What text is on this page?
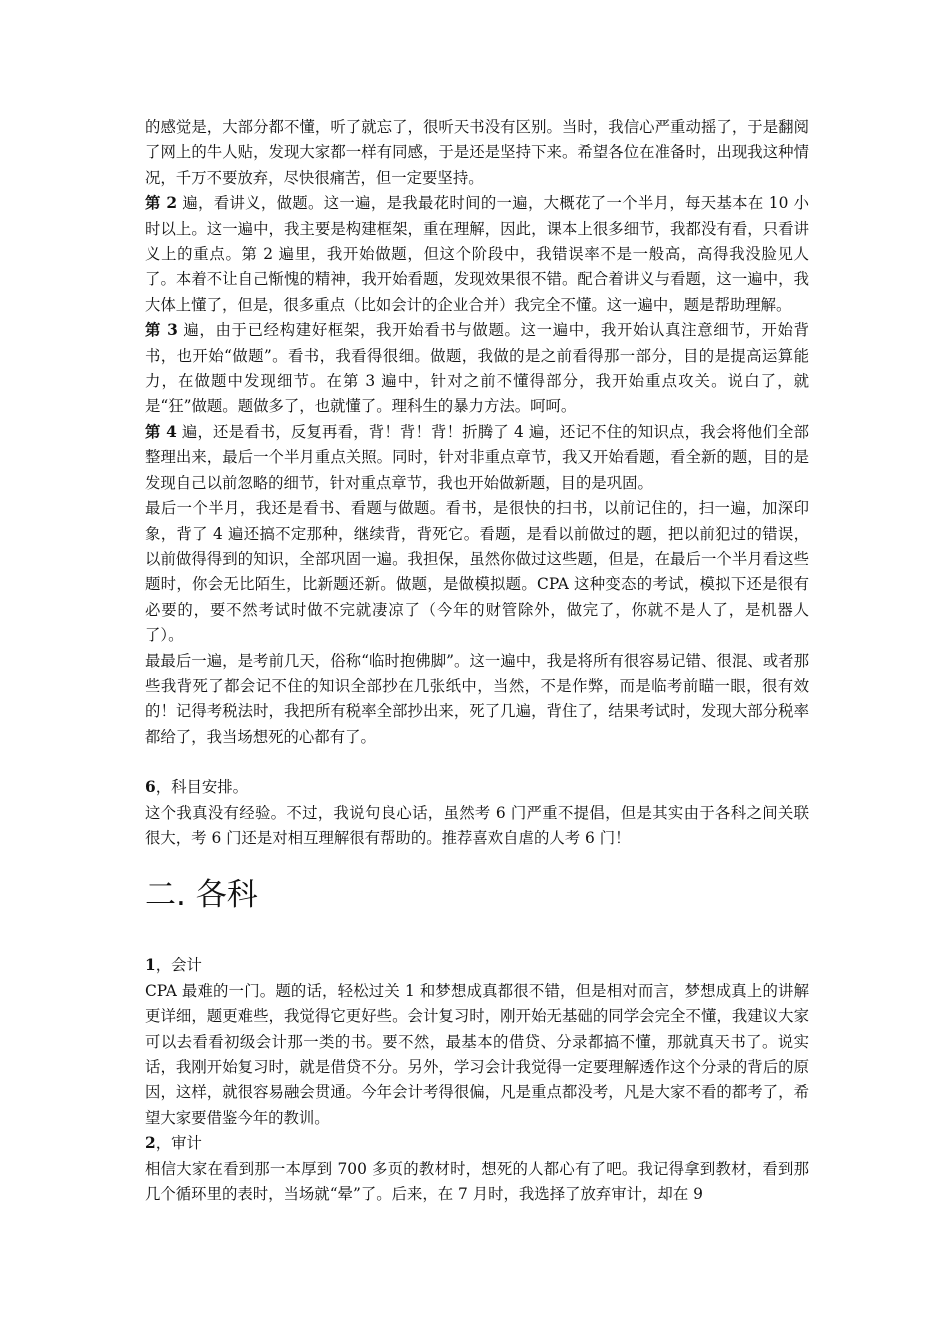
的感觉是，大部分都不懂，听了就忘了，很听天书没有区别。当时，我信心严重动摇了，于是翻阅了网上的牛人贴，发现大家都一样有同感，于是还是坚持下来。希望各位在准备时，出现我这种情况，千万不要放弃，尽快很痛苦，但一定要坚持。

第 2 遍，看讲义，做题。这一遍，是我最花时间的一遍，大概花了一个半月，每天基本在 10 小时以上。这一遍中，我主要是构建框架，重在理解，因此，课本上很多细节，我都没有看，只看讲义上的重点。第 2 遍里，我开始做题，但这个阶段中，我错误率不是一般高，高得我没脸见人了。本着不让自己惭愧的精神，我开始看题，发现效果很不错。配合着讲义与看题，这一遍中，我大体上懂了，但是，很多重点（比如会计的企业合并）我完全不懂。这一遍中，题是帮助理解。

第 3 遍，由于已经构建好框架，我开始看书与做题。这一遍中，我开始认真注意细节，开始背书，也开始“做题”。看书，我看得很细。做题，我做的是之前看得那一部分，目的是提高运算能力，在做题中发现细节。在第 3 遍中，针对之前不懂得部分，我开始重点攻关。说白了，就是“狂”做题。题做多了，也就懂了。理科生的暴力方法。呵呵。

第 4 遍，还是看书，反复再看，背！背！背！折腾了 4 遍，还记不住的知识点，我会将他们全部整理出来，最后一个半月重点关照。同时，针对非重点章节，我又开始看题，看全新的题，目的是发现自己以前忽略的细节，针对重点章节，我也开始做新题，目的是巩固。

最后一个半月，我还是看书、看题与做题。看书，是很快的扫书，以前记住的，扫一遍，加深印象，背了 4 遍还搞不定那种，继续背，背死它。看题，是看以前做过的题，把以前犯过的错误，以前做得得到的知识，全部巩固一遍。我担保，虽然你做过这些题，但是，在最后一个半月看这些题时，你会无比陌生，比新题还新。做题，是做模拟题。CPA 这种变态的考试，模拟下还是很有必要的，要不然考试时做不完就凄凉了（今年的财管除外，做完了，你就不是人了，是机器人了）。

最最后一遍，是考前几天，俗称“临时抱佛脚”。这一遍中，我是将所有很容易记错、很混、或者那些我背死了都会记不住的知识全部抄在几张纸中，当然，不是作弊，而是临考前瞄一眼，很有效的！记得考税法时，我把所有税率全部抄出来，死了几遍，背住了，结果考试时，发现大部分税率都给了，我当场想死的心都有了。

6，科目安排。

这个我真没有经验。不过，我说句良心话，虽然考 6 门严重不提倡，但是其实由于各科之间关联很大，考 6 门还是对相互理解很有帮助的。推荐喜欢自虐的人考 6 门！

二. 各科

1，会计

CPA 最难的一门。题的话，轻松过关 1 和梦想成真都很不错，但是相对而言，梦想成真上的讲解更详细，题更难些，我觉得它更好些。会计复习时，刚开始无基础的同学会完全不懂，我建议大家可以去看看初级会计那一类的书。要不然，最基本的借贷、分录都搞不懂，那就真天书了。说实话，我刚开始复习时，就是借贷不分。另外，学习会计我觉得一定要理解透作这个分录的背后的原因，这样，就很容易融会贯通。今年会计考得很偏，凡是重点都没考，凡是大家不看的都考了，希望大家要借鉴今年的教训。

2，审计

相信大家在看到那一本厚到 700 多页的教材时，想死的人都心有了吧。我记得拿到教材，看到那几个循环里的表时，当场就“晕”了。后来，在 7 月时，我选择了放弃审计，却在 9
